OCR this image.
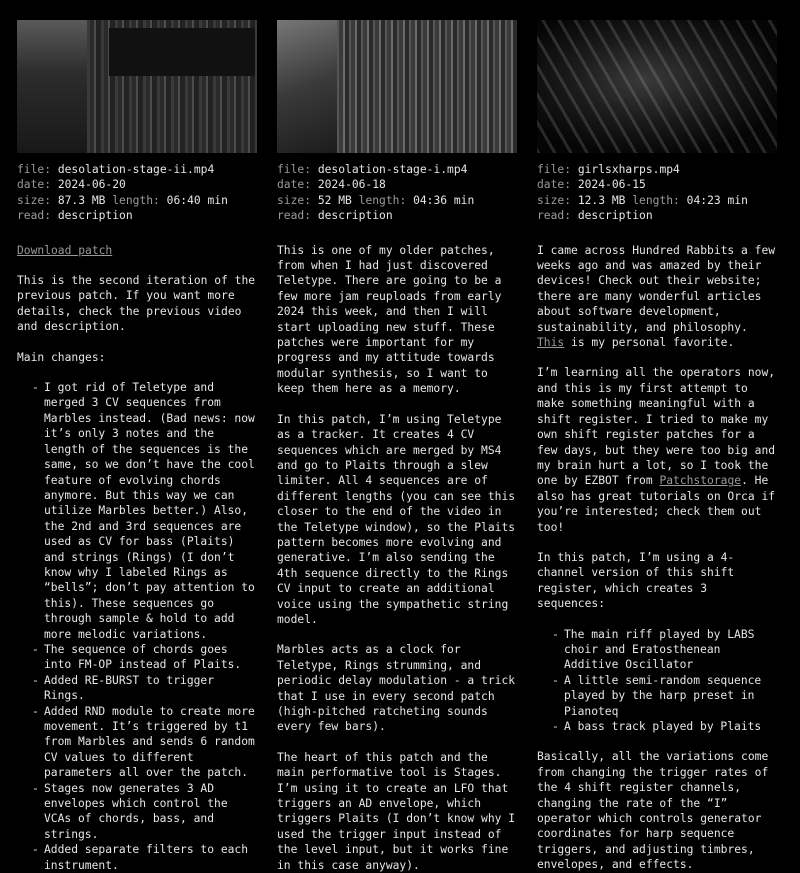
file: desolation-stage-ii.mp4
date: 2024-06-20
size: 87.3 MB length: 06:40 min
read: description

Download patch

This is the second iteration of the previous patch. If you want more details, check the previous video and description.

Main changes:

- I got rid of Teletype and merged 3 CV sequences from Marbles instead. (Bad news: now it’s only 3 notes and the length of the sequences is the same, so we don’t have the cool feature of evolving chords anymore. But this way we can utilize Marbles better.) Also, the 2nd and 3rd sequences are used as CV for bass (Plaits) and strings (Rings) (I don’t know why I labeled Rings as “bells”; don’t pay attention to this). These sequences go through sample & hold to add more melodic variations.
- The sequence of chords goes into FM-OP instead of Plaits.
- Added RE-BURST to trigger Rings.
- Added RND module to create more movement. It’s triggered by t1 from Marbles and sends 6 random CV values to different parameters all over the patch.
- Stages now generates 3 AD envelopes which control the VCAs of chords, bass, and strings.
- Added separate filters to each instrument.
file: desolation-stage-i.mp4
date: 2024-06-18
size: 52 MB length: 04:36 min
read: description

This is one of my older patches, from when I had just discovered Teletype. There are going to be a few more jam reuploads from early 2024 this week, and then I will start uploading new stuff. These patches were important for my progress and my attitude towards modular synthesis, so I want to keep them here as a memory.

In this patch, I’m using Teletype as a tracker. It creates 4 CV sequences which are merged by MS4 and go to Plaits through a slew limiter. All 4 sequences are of different lengths (you can see this closer to the end of the video in the Teletype window), so the Plaits pattern becomes more evolving and generative. I’m also sending the 4th sequence directly to the Rings CV input to create an additional voice using the sympathetic string model.

Marbles acts as a clock for Teletype, Rings strumming, and periodic delay modulation - a trick that I use in every second patch (high-pitched ratcheting sounds every few bars).

The heart of this patch and the main performative tool is Stages. I’m using it to create an LFO that triggers an AD envelope, which triggers Plaits (I don’t know why I used the trigger input instead of the level input, but it works fine in this case anyway).

file: girlsxharps.mp4
date: 2024-06-15
size: 12.3 MB length: 04:23 min
read: description

I came across Hundred Rabbits a few weeks ago and was amazed by their devices! Check out their website; there are many wonderful articles about software development, sustainability, and philosophy. This is my personal favorite.

I’m learning all the operators now, and this is my first attempt to make something meaningful with a shift register. I tried to make my own shift register patches for a few days, but they were too big and my brain hurt a lot, so I took the one by EZBOT from Patchstorage. He also has great tutorials on Orca if you’re interested; check them out too!

In this patch, I’m using a 4-channel version of this shift register, which creates 3 sequences:

- The main riff played by LABS choir and Eratosthenean Additive Oscillator
- A little semi-random sequence played by the harp preset in Pianoteq
- A bass track played by Plaits

Basically, all the variations come from changing the trigger rates of the 4 shift register channels, changing the rate of the “I” operator which controls generator coordinates for harp sequence triggers, and adjusting timbres, envelopes, and effects.
